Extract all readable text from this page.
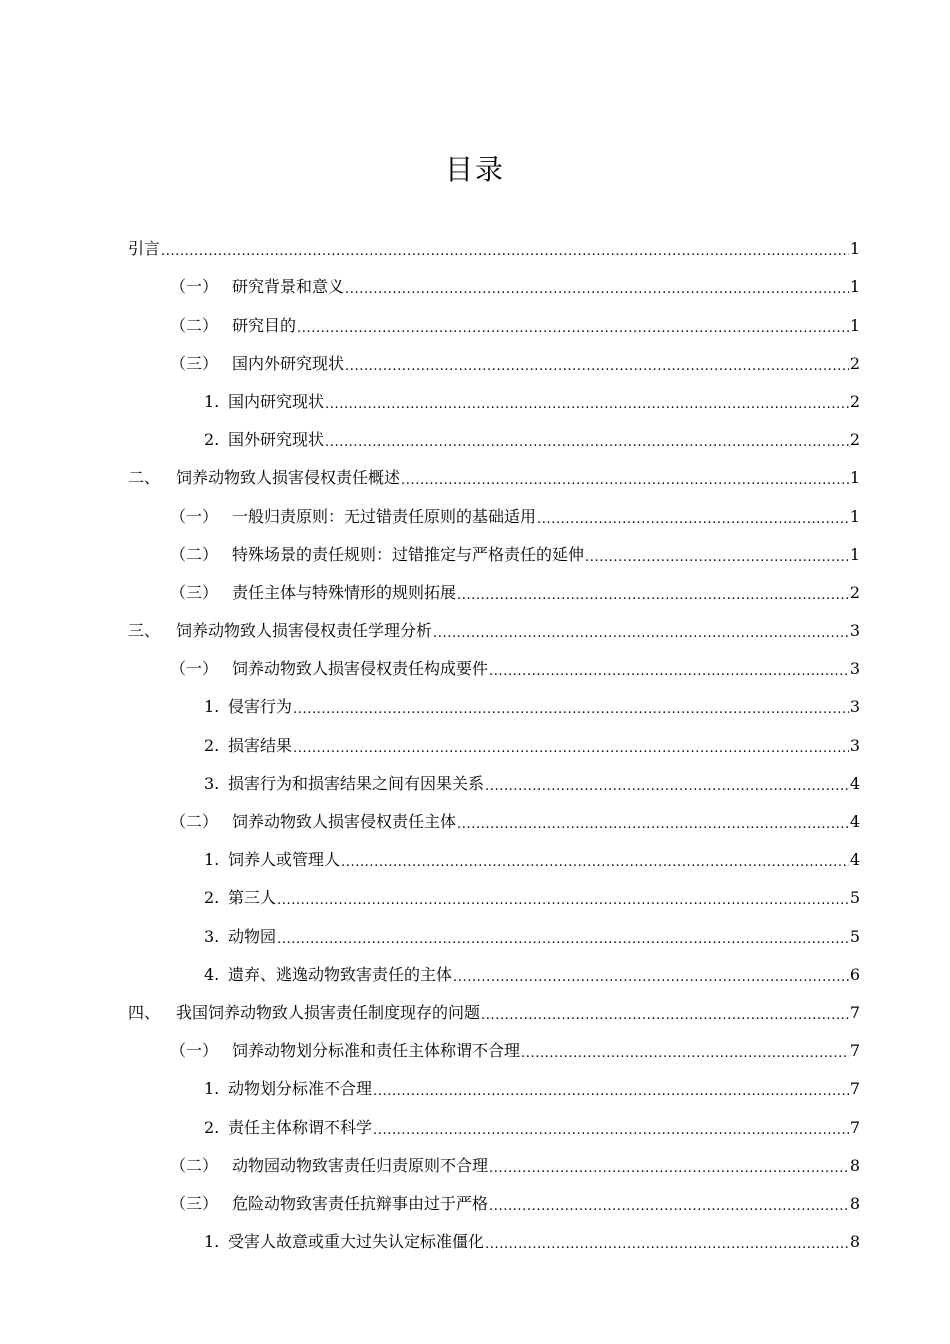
目录
引言 .....	1
（一） 研究背景和意义 .....	1
（二） 研究目的 .....	1
（三） 国内外研究现状 .....	2
1. 国内研究现状 .....	2
2. 国外研究现状 .....	2
二、 饲养动物致人损害侵权责任概述 .....	1
（一） 一般归责原则：无过错责任原则的基础适用 .....	1
（二） 特殊场景的责任规则：过错推定与严格责任的延伸 .....	1
（三） 责任主体与特殊情形的规则拓展 .....	2
三、 饲养动物致人损害侵权责任学理分析 .....	3
（一） 饲养动物致人损害侵权责任构成要件 .....	3
1. 侵害行为 .....	3
2. 损害结果 .....	3
3. 损害行为和损害结果之间有因果关系 .....	4
（二） 饲养动物致人损害侵权责任主体 .....	4
1. 饲养人或管理人 .....	4
2. 第三人 .....	5
3. 动物园 .....	5
4. 遗弃、逃逸动物致害责任的主体 .....	6
四、 我国饲养动物致人损害责任制度现存的问题 .....	7
（一） 饲养动物划分标准和责任主体称谓不合理 .....	7
1. 动物划分标准不合理 .....	7
2. 责任主体称谓不科学 .....	7
（二） 动物园动物致害责任归责原则不合理 .....	8
（三） 危险动物致害责任抗辩事由过于严格 .....	8
1. 受害人故意或重大过失认定标准僵化 .....	8
